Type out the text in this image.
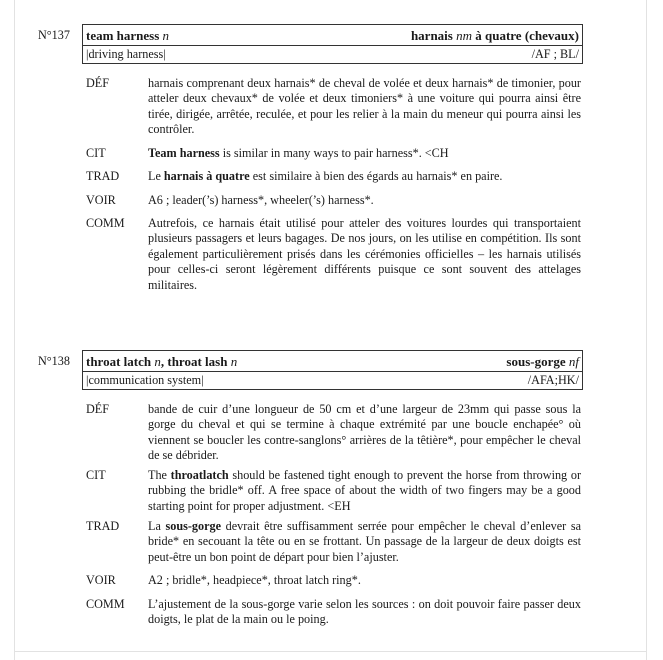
N°137 team harness n	harnais nm à quatre (chevaux)
|driving harness|	/AF ; BL/
DÉF	harnais comprenant deux harnais* de cheval de volée et deux harnais* de timonier, pour atteler deux chevaux* de volée et deux timoniers* à une voiture qui pourra ainsi être tirée, dirigée, arrêtée, reculée, et pour les relier à la main du meneur qui pourra ainsi les contrôler.
CIT	Team harness is similar in many ways to pair harness*. <CH
TRAD Le harnais à quatre est similaire à bien des égards au harnais* en paire.
VOIR	A6 ; leader(’s) harness*, wheeler(’s) harness*.
COMM Autrefois, ce harnais était utilisé pour atteler des voitures lourdes qui transportaient plusieurs passagers et leurs bagages. De nos jours, on les utilise en compétition. Ils sont également particulièrement prisés dans les cérémonies officielles – les harnais utilisés pour celles-ci seront légèrement différents puisque ce sont souvent des attelages militaires.
N°138 throat latch n, throat lash n	sous-gorge nf
|communication system|	/AFA;HK/
DÉF	bande de cuir d’une longueur de 50 cm et d’une largeur de 23mm qui passe sous la gorge du cheval et qui se termine à chaque extrémité par une boucle enchapée° où viennent se boucler les contre-sanglons° arrières de la têtière*, pour empêcher le cheval de se débrider.
CIT	The throatlatch should be fastened tight enough to prevent the horse from throwing or rubbing the bridle* off. A free space of about the width of two fingers may be a good starting point for proper adjustment. <EH
TRAD La sous-gorge devrait être suffisamment serrée pour empêcher le cheval d’enlever sa bride* en secouant la tête ou en se frottant. Un passage de la largeur de deux doigts est peut-être un bon point de départ pour bien l’ajuster.
VOIR	A2 ; bridle*, headpiece*, throat latch ring*.
COMM L’ajustement de la sous-gorge varie selon les sources : on doit pouvoir faire passer deux doigts, le plat de la main ou le poing.
